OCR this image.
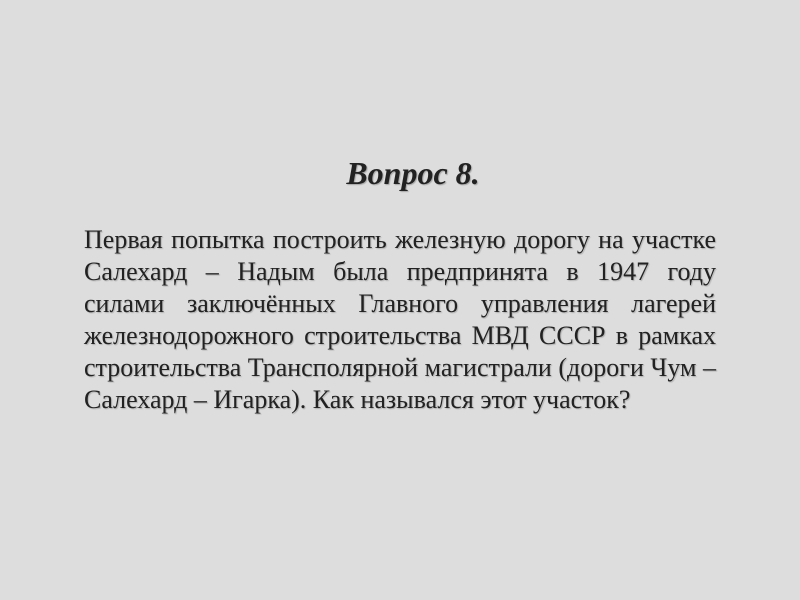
Вопрос 8.
Первая попытка построить железную дорогу на участке Салехард – Надым была предпринята в 1947 году силами заключённых Главного управления лагерей железнодорожного строительства МВД СССР в рамках строительства Трансполярной магистрали (дороги Чум – Салехард – Игарка). Как назывался этот участок?
